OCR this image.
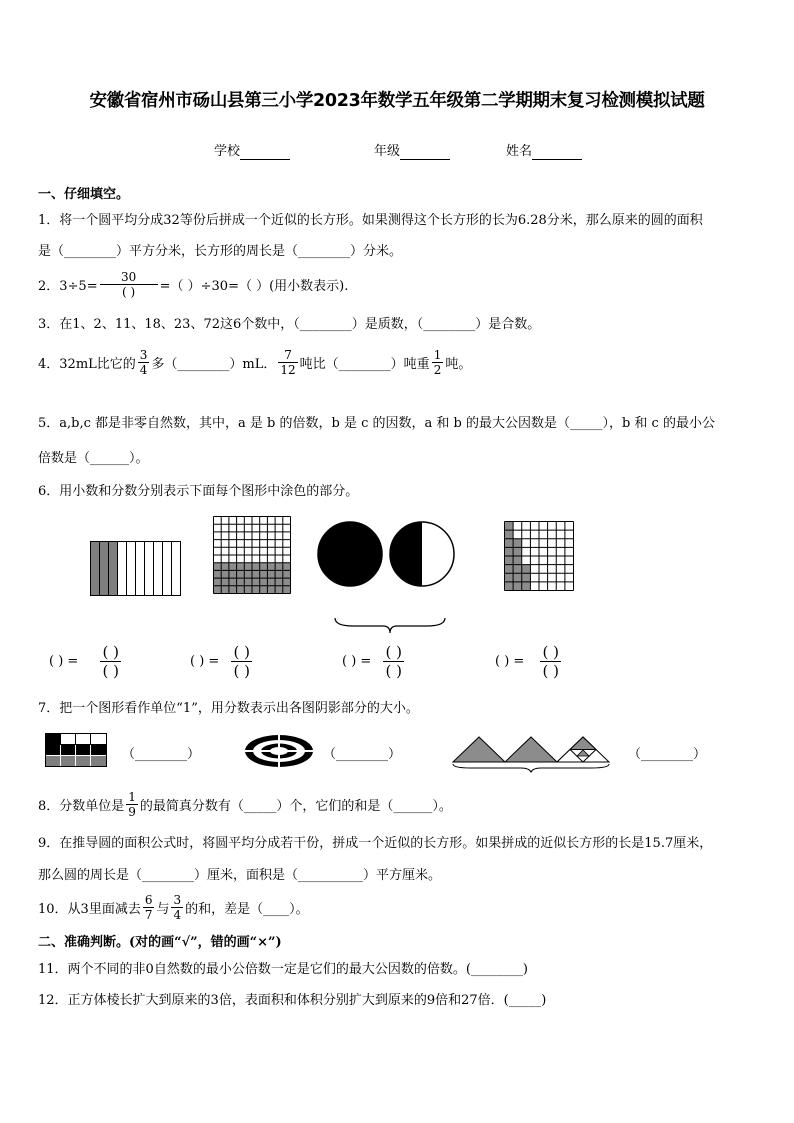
安徽省宿州市砀山县第三小学2023年数学五年级第二学期期末复习检测模拟试题
学校	年级	姓名
一、仔细填空。
1．将一个圆平均分成32等份后拼成一个近似的长方形。如果测得这个长方形的长为6.28分米，那么原来的圆的面积
是（________）平方分米，长方形的周长是（________）分米。
2．$3\div 5= \frac{30}{( )}$ =（ ）÷30=（ ）(用小数表示).
3．在1、2、11、18、23、72这6个数中，（________）是质数，（________）是合数。
4．32mL比它的 $\frac{3}{4}$ 多（________）mL． $\frac{7}{12}$ 吨比（________）吨重 $\frac{1}{2}$ 吨。
5．a,b,c 都是非零自然数，其中，a 是 b 的倍数，b 是 c 的因数，a 和 b 的最大公因数是（_____），b 和 c 的最小公
倍数是（______）。
6．用小数和分数分别表示下面每个图形中涂色的部分。
( ) = $\frac{( )}{( )}$	( ) = $\frac{( )}{( )}$	( ) = $\frac{( )}{( )}$	( ) = $\frac{( )}{( )}$
7．把一个图形看作单位“1”，用分数表示出各图阴影部分的大小。
（________）	（________）	（________）
8．分数单位是 $\frac{1}{9}$ 的最简真分数有（_____）个，它们的和是（______）。
9．在推导圆的面积公式时，将圆平均分成若干份，拼成一个近似的长方形。如果拼成的近似长方形的长是15.7厘米，
那么圆的周长是（________）厘米，面积是（__________）平方厘米。
10．从3里面减去 $\frac{6}{7}$ 与 $\frac{3}{4}$ 的和，差是（____）。
二、准确判断。(对的画“√”，错的画“×”)
11．两个不同的非0自然数的最小公倍数一定是它们的最大公因数的倍数。(________)
12．正方体棱长扩大到原来的3倍，表面积和体积分别扩大到原来的9倍和27倍．(_____)
